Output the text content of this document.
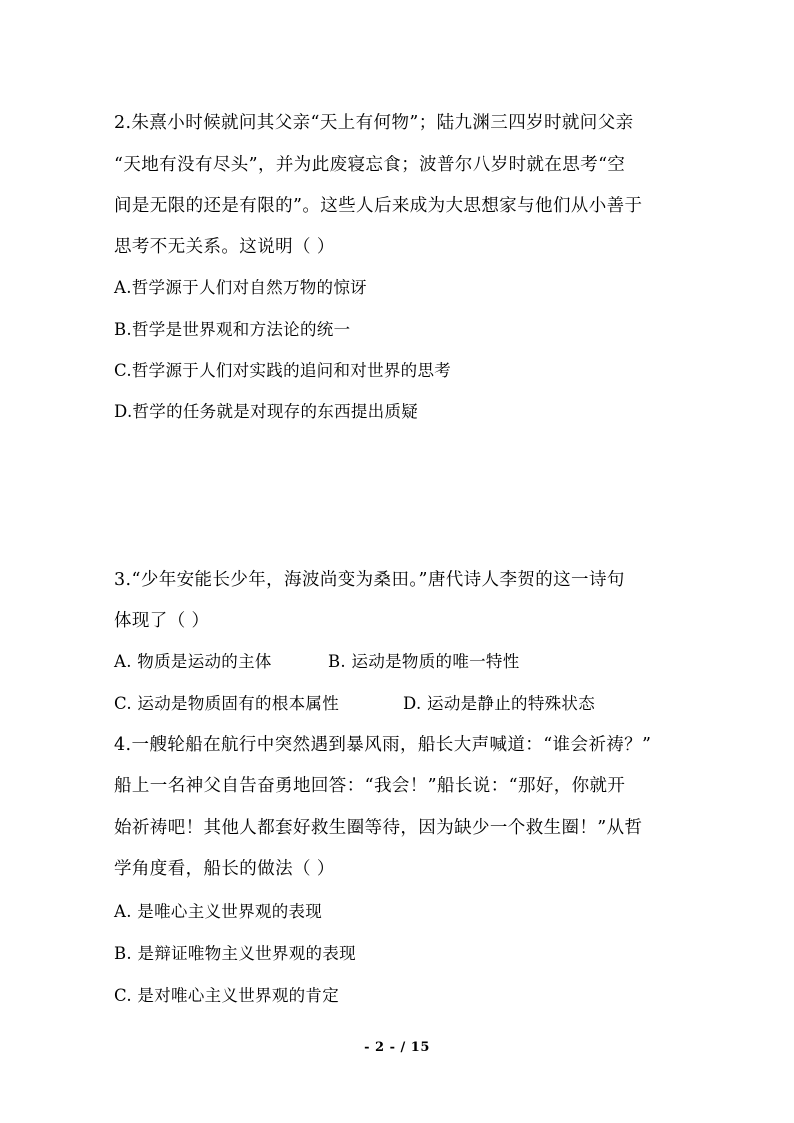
2.朱熹小时候就问其父亲“天上有何物”；陆九渊三四岁时就问父亲
“天地有没有尽头”，并为此废寝忘食；波普尔八岁时就在思考“空
间是无限的还是有限的”。这些人后来成为大思想家与他们从小善于
思考不无关系。这说明（ ）
A.哲学源于人们对自然万物的惊讶
B.哲学是世界观和方法论的统一
C.哲学源于人们对实践的追问和对世界的思考
D.哲学的任务就是对现存的东西提出质疑
3.“少年安能长少年，海波尚变为桑田。”唐代诗人李贺的这一诗句
体现了（ ）
A. 物质是运动的主体	B. 运动是物质的唯一特性
C. 运动是物质固有的根本属性	D. 运动是静止的特殊状态
4.一艘轮船在航行中突然遇到暴风雨，船长大声喊道：“谁会祈祷？”
船上一名神父自告奋勇地回答：“我会！”船长说：“那好，你就开
始祈祷吧！其他人都套好救生圈等待，因为缺少一个救生圈！”从哲
学角度看，船长的做法（ ）
A. 是唯心主义世界观的表现
B. 是辩证唯物主义世界观的表现
C. 是对唯心主义世界观的肯定
- 2 - / 15
